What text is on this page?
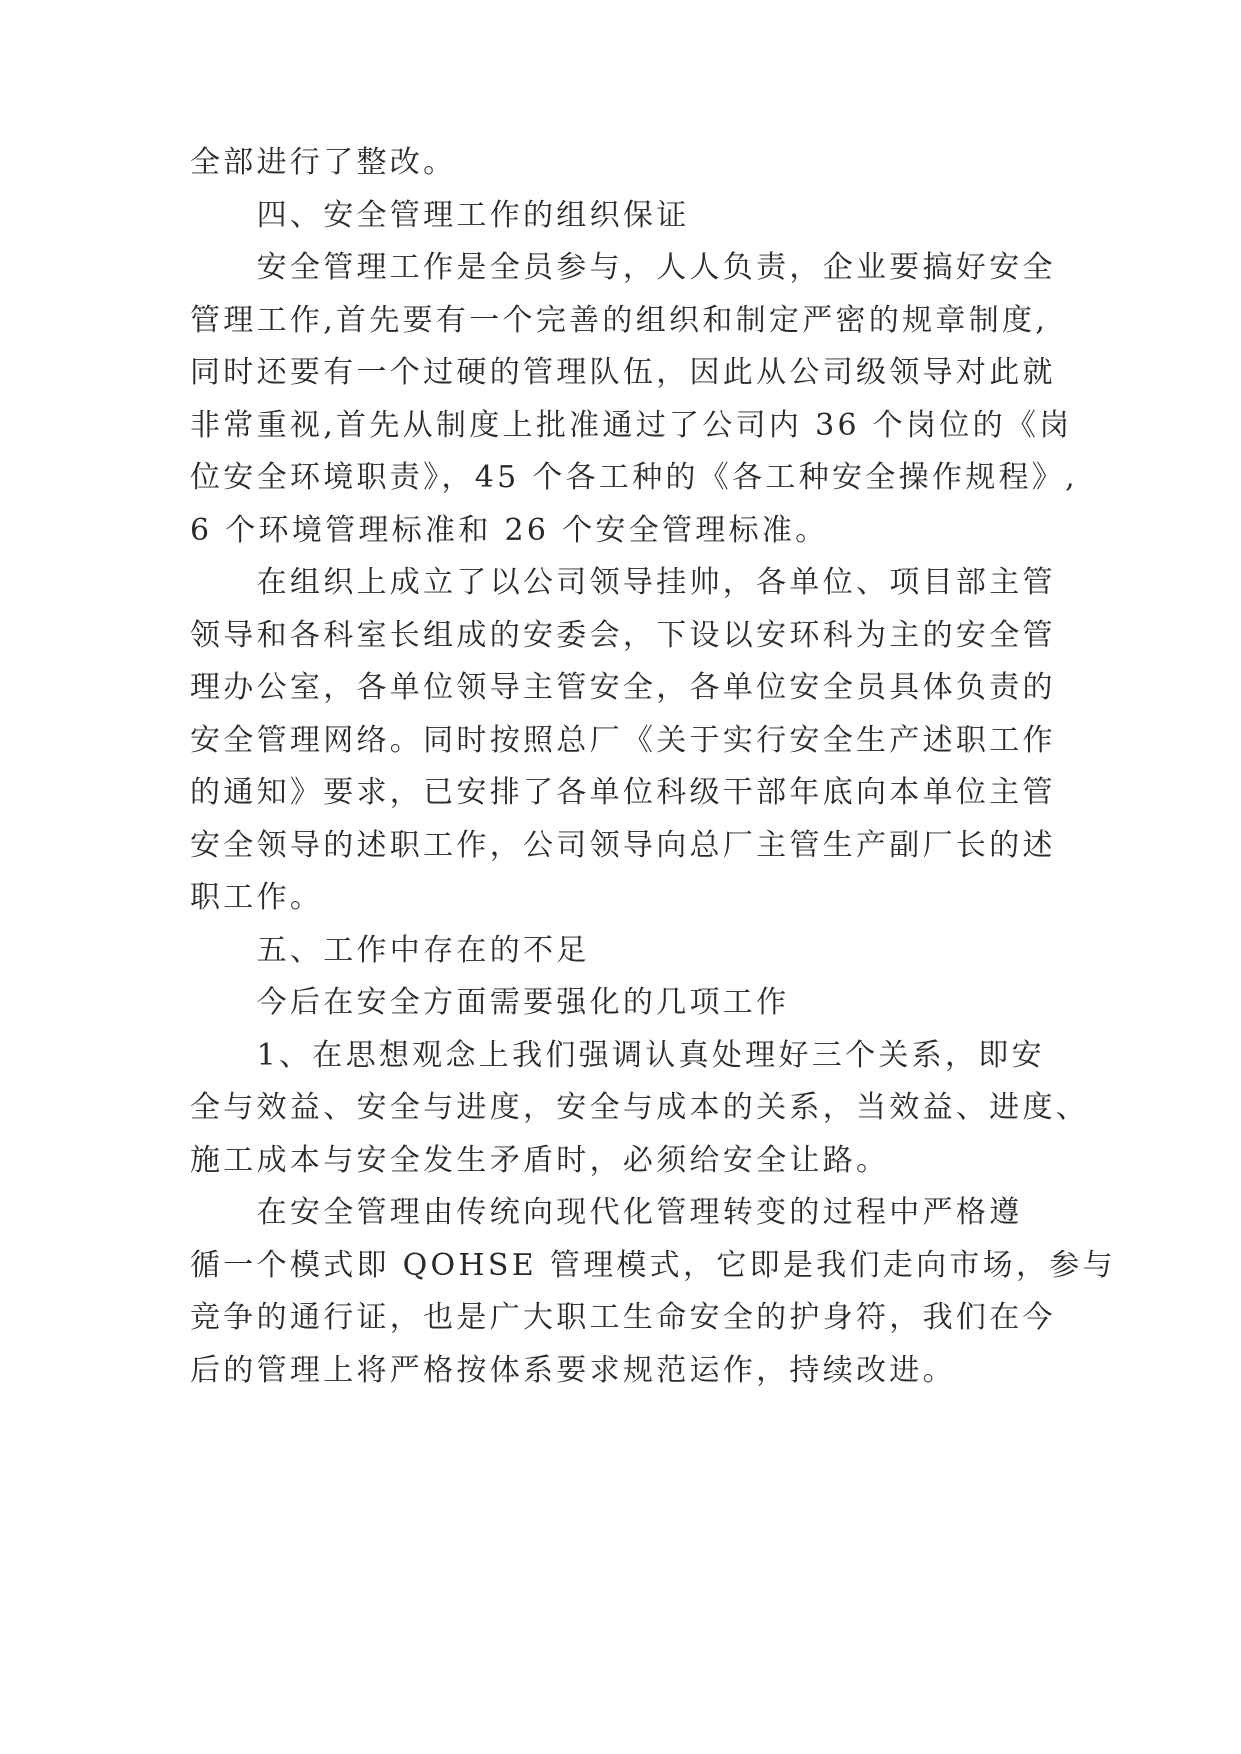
全部进行了整改。
四、安全管理工作的组织保证
安全管理工作是全员参与，人人负责，企业要搞好安全
管理工作,首先要有一个完善的组织和制定严密的规章制度,
同时还要有一个过硬的管理队伍，因此从公司级领导对此就
非常重视,首先从制度上批准通过了公司内 36 个岗位的《岗
位安全环境职责》，45 个各工种的《各工种安全操作规程》,
6 个环境管理标准和 26 个安全管理标准。
在组织上成立了以公司领导挂帅，各单位、项目部主管
领导和各科室长组成的安委会，下设以安环科为主的安全管
理办公室，各单位领导主管安全，各单位安全员具体负责的
安全管理网络。同时按照总厂《关于实行安全生产述职工作
的通知》要求，已安排了各单位科级干部年底向本单位主管
安全领导的述职工作，公司领导向总厂主管生产副厂长的述
职工作。
五、工作中存在的不足
今后在安全方面需要强化的几项工作
1、在思想观念上我们强调认真处理好三个关系，即安
全与效益、安全与进度，安全与成本的关系，当效益、进度、
施工成本与安全发生矛盾时，必须给安全让路。
在安全管理由传统向现代化管理转变的过程中严格遵
循一个模式即 QOHSE 管理模式，它即是我们走向市场，参与
竞争的通行证，也是广大职工生命安全的护身符，我们在今
后的管理上将严格按体系要求规范运作，持续改进。
